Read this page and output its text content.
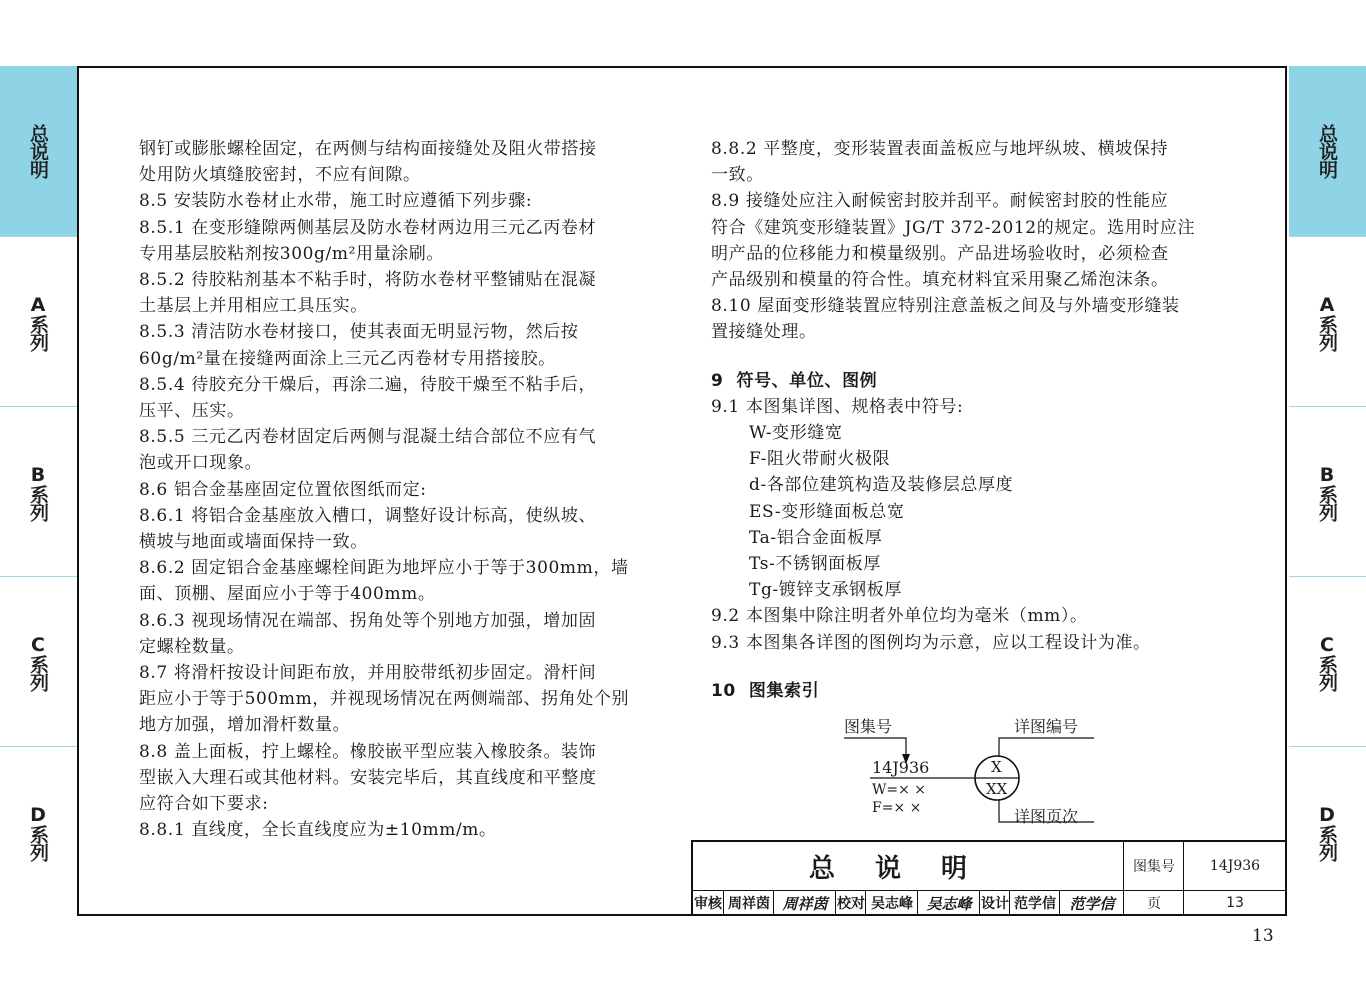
总说明
A系列
B系列
C系列
D系列
总说明
A系列
B系列
C系列
D系列

钢钉或膨胀螺栓固定，在两侧与结构面接缝处及阻火带搭接

处用防火填缝胶密封，不应有间隙。

8.5 安装防水卷材止水带，施工时应遵循下列步骤:

8.5.1 在变形缝隙两侧基层及防水卷材两边用三元乙丙卷材

专用基层胶粘剂按300g/m²用量涂刷。

8.5.2 待胶粘剂基本不粘手时，将防水卷材平整铺贴在混凝

土基层上并用相应工具压实。

8.5.3 清洁防水卷材接口，使其表面无明显污物，然后按

60g/m²量在接缝两面涂上三元乙丙卷材专用搭接胶。

8.5.4 待胶充分干燥后，再涂二遍，待胶干燥至不粘手后，

压平、压实。

8.5.5 三元乙丙卷材固定后两侧与混凝土结合部位不应有气

泡或开口现象。

8.6 铝合金基座固定位置依图纸而定:

8.6.1 将铝合金基座放入槽口，调整好设计标高，使纵坡、

横坡与地面或墙面保持一致。

8.6.2 固定铝合金基座螺栓间距为地坪应小于等于300mm，墙

面、顶棚、屋面应小于等于400mm。

8.6.3 视现场情况在端部、拐角处等个别地方加强，增加固

定螺栓数量。

8.7 将滑杆按设计间距布放，并用胶带纸初步固定。滑杆间

距应小于等于500mm，并视现场情况在两侧端部、拐角处个别

地方加强，增加滑杆数量。

8.8 盖上面板，拧上螺栓。橡胶嵌平型应装入橡胶条。装饰

型嵌入大理石或其他材料。安装完毕后，其直线度和平整度

应符合如下要求:

8.8.1 直线度，全长直线度应为±10mm/m。

8.8.2 平整度，变形装置表面盖板应与地坪纵坡、横坡保持

一致。

8.9 接缝处应注入耐候密封胶并刮平。耐候密封胶的性能应

符合《建筑变形缝装置》JG/T 372-2012的规定。选用时应注

明产品的位移能力和模量级别。产品进场验收时，必须检查

产品级别和模量的符合性。填充材料宜采用聚乙烯泡沫条。

8.10 屋面变形缝装置应特别注意盖板之间及与外墙变形缝装

置接缝处理。

9  符号、单位、图例

9.1 本图集详图、规格表中符号:

W-变形缝宽

F-阻火带耐火极限

d-各部位建筑构造及装修层总厚度

ES-变形缝面板总宽

Ta-铝合金面板厚

Ts-不锈钢面板厚

Tg-镀锌支承钢板厚

9.2 本图集中除注明者外单位均为毫米（mm）。

9.3 本图集各详图的图例均为示意，应以工程设计为准。

10  图集索引

图集号	详图编号
14J936
W=× ×
F=× ×
X
XX
详图页次
总说明	图集号	14J936
审核 周祥茵 周祥茵 校对 吴志峰 吴志峰 设计 范学信 范学信	页	13
13
